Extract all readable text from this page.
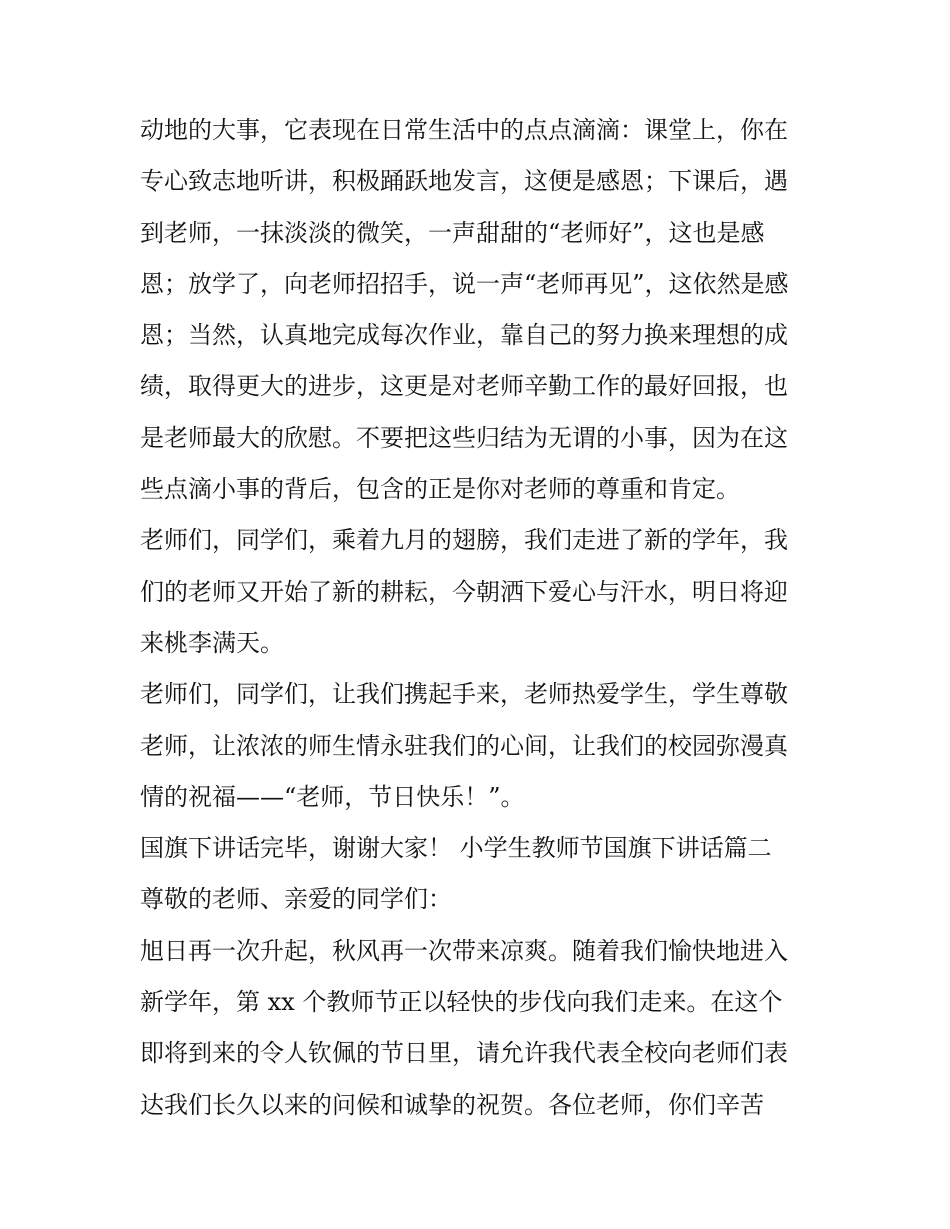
动地的大事，它表现在日常生活中的点点滴滴：课堂上，你在
专心致志地听讲，积极踊跃地发言，这便是感恩；下课后，遇
到老师，一抹淡淡的微笑，一声甜甜的“老师好”，这也是感
恩；放学了，向老师招招手，说一声“老师再见”，这依然是感
恩；当然，认真地完成每次作业，靠自己的努力换来理想的成
绩，取得更大的进步，这更是对老师辛勤工作的最好回报，也
是老师最大的欣慰。不要把这些归结为无谓的小事，因为在这
些点滴小事的背后，包含的正是你对老师的尊重和肯定。
老师们，同学们，乘着九月的翅膀，我们走进了新的学年，我
们的老师又开始了新的耕耘，今朝洒下爱心与汗水，明日将迎
来桃李满天。
老师们，同学们，让我们携起手来，老师热爱学生，学生尊敬
老师，让浓浓的师生情永驻我们的心间，让我们的校园弥漫真
情的祝福——“老师，节日快乐！”。
国旗下讲话完毕，谢谢大家！ 小学生教师节国旗下讲话篇二
尊敬的老师、亲爱的同学们：
旭日再一次升起，秋风再一次带来凉爽。随着我们愉快地进入
新学年，第 xx 个教师节正以轻快的步伐向我们走来。在这个
即将到来的令人钦佩的节日里，请允许我代表全校向老师们表
达我们长久以来的问候和诚挚的祝贺。各位老师，你们辛苦
